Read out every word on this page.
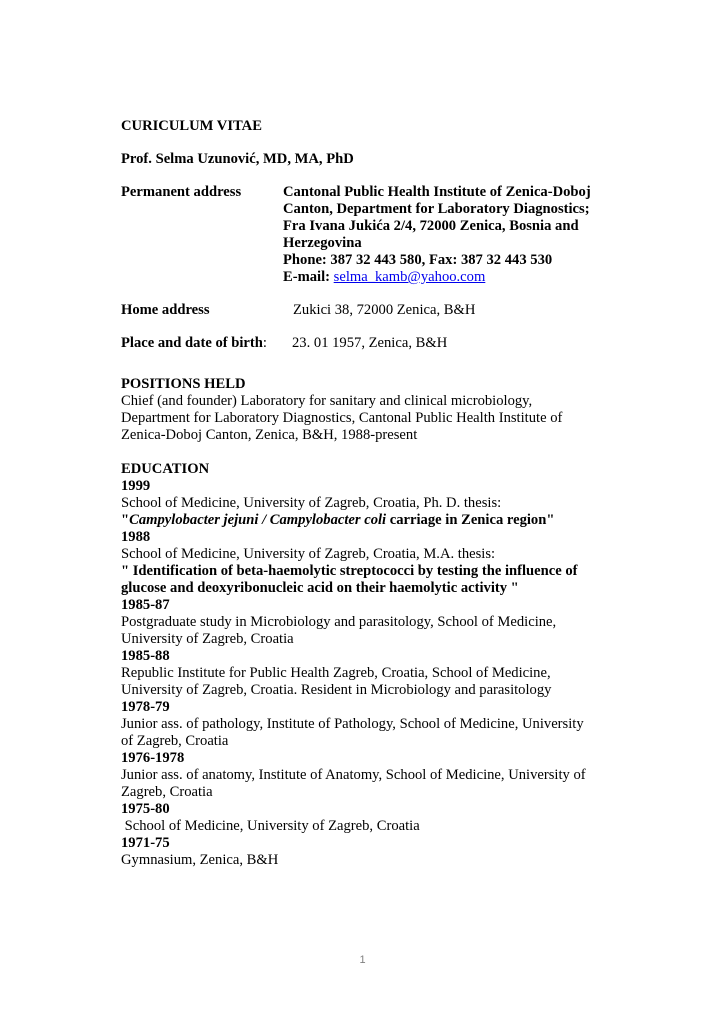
CURICULUM VITAE

Prof. Selma Uzunović, MD, MA, PhD

Permanent address	Cantonal Public Health Institute of Zenica-Doboj

Canton, Department for Laboratory Diagnostics;

Fra Ivana Jukića 2/4, 72000 Zenica, Bosnia and

Herzegovina

Phone: 387 32 443 580, Fax: 387 32 443 530

E-mail: selma_kamb@yahoo.com

Home address	Zukici 38, 72000 Zenica, B&H
Place and date of birth:	23. 01 1957, Zenica, B&H

POSITIONS HELD

Chief (and founder) Laboratory for sanitary and clinical microbiology,

Department for Laboratory Diagnostics, Cantonal Public Health Institute of

Zenica-Doboj Canton, Zenica, B&H, 1988-present

EDUCATION

1999

School of Medicine, University of Zagreb, Croatia, Ph. D. thesis:

"Campylobacter jejuni / Campylobacter coli carriage in Zenica region"

1988

School of Medicine, University of Zagreb, Croatia, M.A. thesis:

" Identification of beta-haemolytic streptococci by testing the influence of

glucose and deoxyribonucleic acid on their haemolytic activity "

1985-87

Postgraduate study in Microbiology and parasitology, School of Medicine,

University of Zagreb, Croatia

1985-88

Republic Institute for Public Health Zagreb, Croatia, School of Medicine,

University of Zagreb, Croatia. Resident in Microbiology and parasitology

1978-79

Junior ass. of pathology, Institute of Pathology, School of Medicine, University

of Zagreb, Croatia

1976-1978

Junior ass. of anatomy, Institute of Anatomy, School of Medicine, University of

Zagreb, Croatia

1975-80

School of Medicine, University of Zagreb, Croatia

1971-75

Gymnasium, Zenica, B&H

1
